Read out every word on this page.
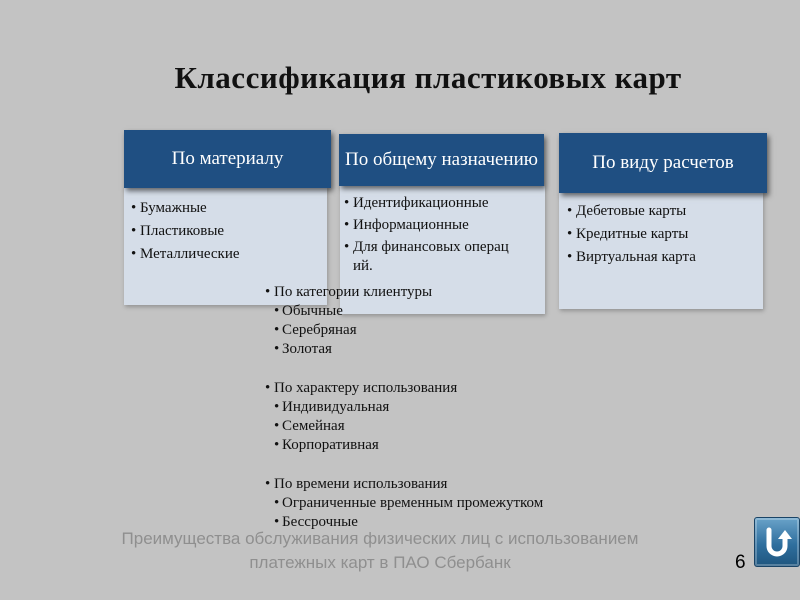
Классификация пластиковых карт
По материалу
• Бумажные
• Пластиковые
• Металлические
По общему назначению
• Идентификационные
• Информационные
• Для финансовых операций.
По виду расчетов
• Дебетовые карты
• Кредитные карты
• Виртуальная карта
• По категории клиентуры
• Обычные
• Серебряная
• Золотая
• По характеру использования
• Индивидуальная
• Семейная
• Корпоративная
• По времени использования
• Ограниченные временным промежутком
• Бессрочные
Преимущества обслуживания физических лиц с использованием платежных карт в ПАО Сбербанк	6
